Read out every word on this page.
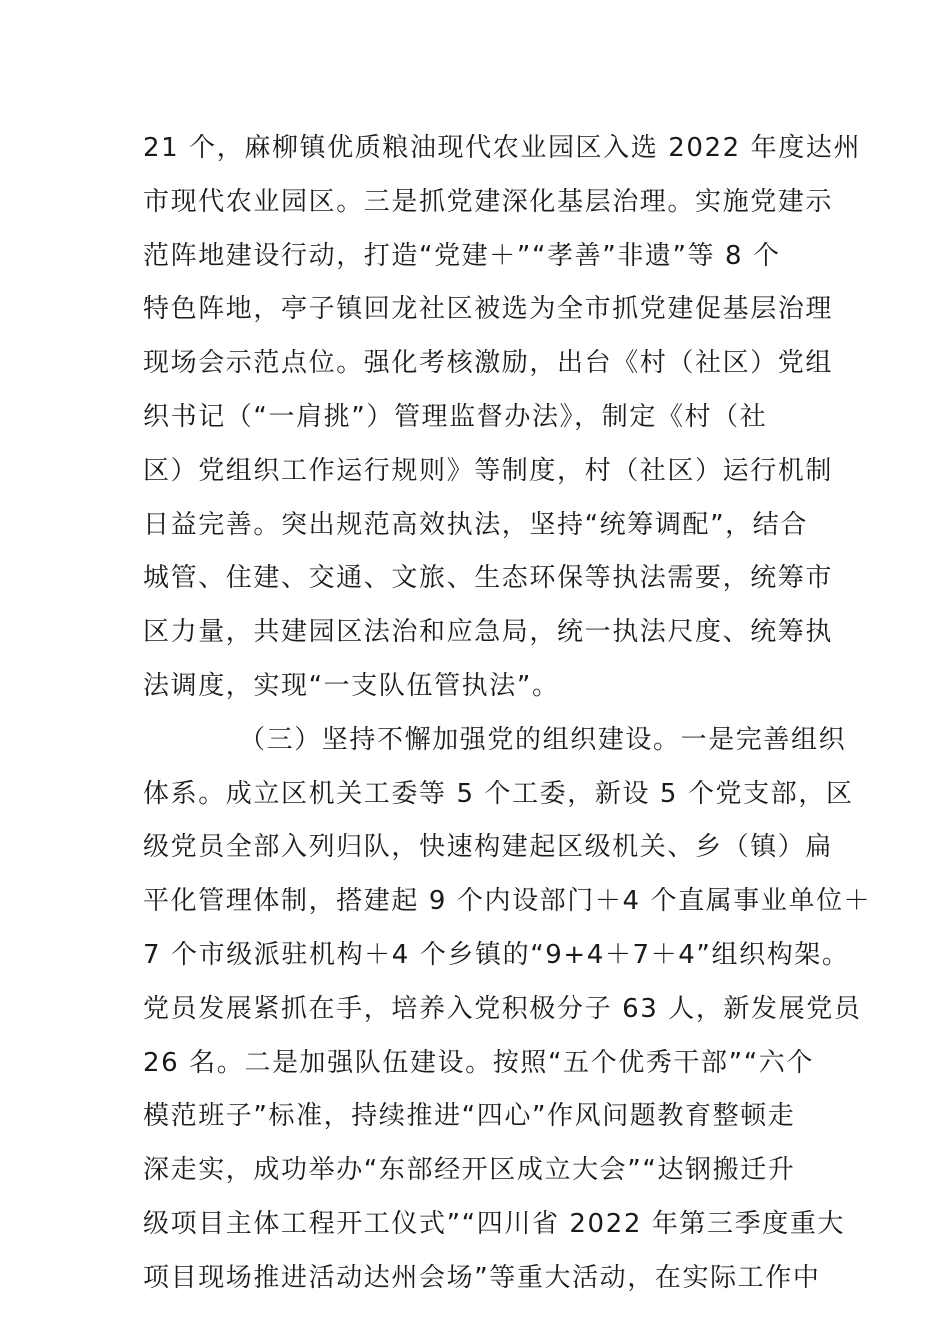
21 个，麻柳镇优质粮油现代农业园区入选 2022 年度达州
市现代农业园区。三是抓党建深化基层治理。实施党建示
范阵地建设行动，打造“党建＋”“孝善”非遗”等 8 个
特色阵地，亭子镇回龙社区被选为全市抓党建促基层治理
现场会示范点位。强化考核激励，出台《村（社区）党组
织书记（“一肩挑”）管理监督办法》，制定《村（社
区）党组织工作运行规则》等制度，村（社区）运行机制
日益完善。突出规范高效执法，坚持“统筹调配”，结合
城管、住建、交通、文旅、生态环保等执法需要，统筹市
区力量，共建园区法治和应急局，统一执法尺度、统筹执
法调度，实现“一支队伍管执法”。
（三）坚持不懈加强党的组织建设。一是完善组织
体系。成立区机关工委等 5 个工委，新设 5 个党支部，区
级党员全部入列归队，快速构建起区级机关、乡（镇）扁
平化管理体制，搭建起 9 个内设部门＋4 个直属事业单位＋
7 个市级派驻机构＋4 个乡镇的“9+4＋7＋4”组织构架。
党员发展紧抓在手，培养入党积极分子 63 人，新发展党员
26 名。二是加强队伍建设。按照“五个优秀干部”“六个
模范班子”标准，持续推进“四心”作风问题教育整顿走
深走实，成功举办“东部经开区成立大会”“达钢搬迁升
级项目主体工程开工仪式”“四川省 2022 年第三季度重大
项目现场推进活动达州会场”等重大活动，在实际工作中
